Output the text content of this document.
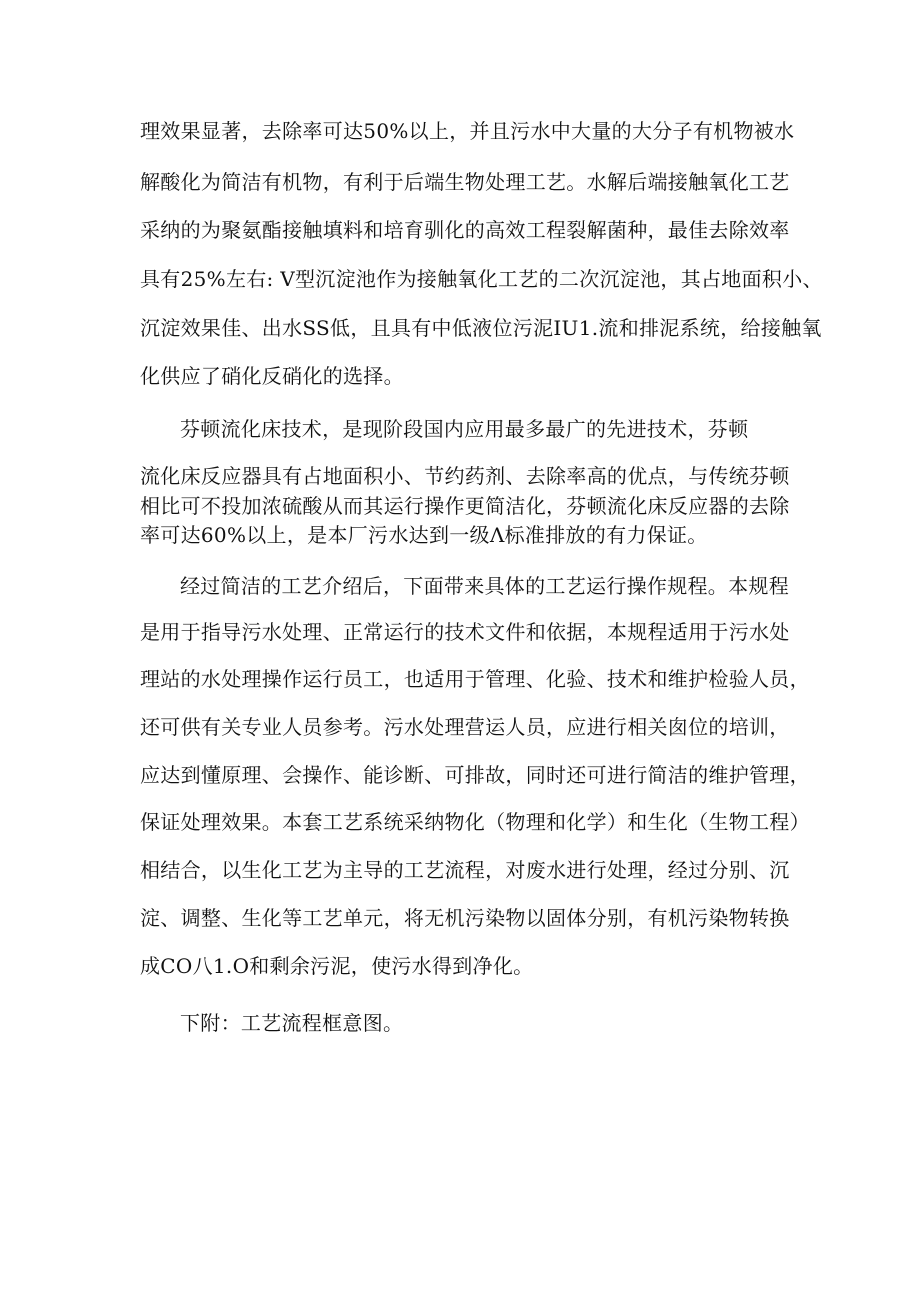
理效果显著，去除率可达50%以上，并且污水中大量的大分子有机物被水
解酸化为简洁有机物，有利于后端生物处理工艺。水解后端接触氧化工艺
采纳的为聚氨酯接触填料和培育驯化的高效工程裂解菌种，最佳去除效率
具有25%左右: V型沉淀池作为接触氧化工艺的二次沉淀池，其占地面积小、
沉淀效果佳、出水SS低，且具有中低液位污泥IU1.流和排泥系统，给接触氧
化供应了硝化反硝化的选择。
芬顿流化床技术，是现阶段国内应用最多最广的先进技术，芬顿
流化床反应器具有占地面积小、节约药剂、去除率高的优点，与传统芬顿
相比可不投加浓硫酸从而其运行操作更简洁化，芬顿流化床反应器的去除
率可达60%以上，是本厂污水达到一级Λ标准排放的有力保证。
经过简洁的工艺介绍后，下面带来具体的工艺运行操作规程。本规程
是用于指导污水处理、正常运行的技术文件和依据，本规程适用于污水处
理站的水处理操作运行员工，也适用于管理、化验、技术和维护检验人员，
还可供有关专业人员参考。污水处理营运人员，应进行相关囱位的培训，
应达到懂原理、会操作、能诊断、可排故，同时还可进行简洁的维护管理，
保证处理效果。本套工艺系统采纳物化（物理和化学）和生化（生物工程）
相结合，以生化工艺为主导的工艺流程，对废水进行处理，经过分别、沉
淀、调整、生化等工艺单元，将无机污染物以固体分别，有机污染物转换
成CO八1.O和剩余污泥，使污水得到净化。
下附：工艺流程框意图。
